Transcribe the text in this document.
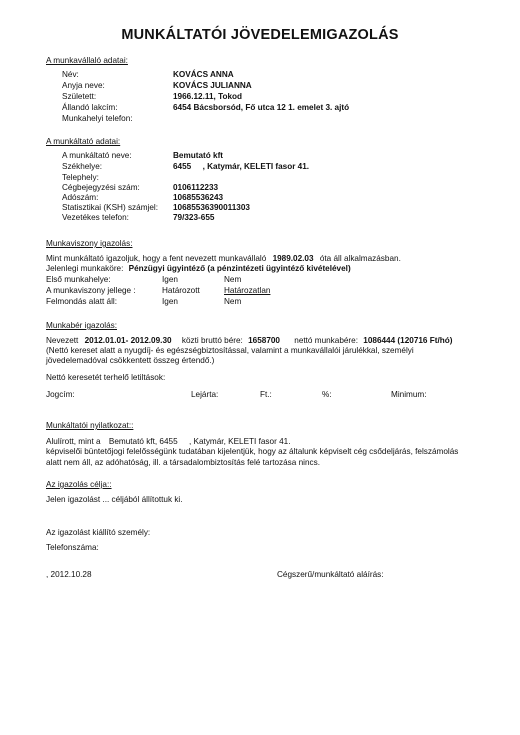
MUNKÁLTATÓI JÖVEDELEMIGAZOLÁS
A munkavállaló adatai:
Név:	KOVÁCS ANNA
Anyja neve:	KOVÁCS JULIANNA
Született:	1966.12.11, Tokod
Állandó lakcím:	6454 Bácsborsód, Fő utca 12 1. emelet 3. ajtó
Munkahelyi telefon:
A munkáltató adatai:
A munkáltató neve:	Bemutató kft
Székhelye:	6455     , Katymár, KELETI fasor 41.
Telephely:
Cégbejegyzési szám:	0106112233
Adószám:	10685536243
Statisztikai (KSH) számjel: 10685536390011303
Vezetékes telefon:	79/323-655
Munkaviszony igazolás:
Mint munkáltató igazoljuk, hogy a fent nevezett munkavállaló 1989.02.03 óta áll alkalmazásban.
Jelenlegi munkaköre: Pénzügyi ügyintéző (a pénzintézeti ügyintéző kivételével)
Első munkahelye:	Igen	Nem
A munkaviszony jellege :	Határozott	Határozatlan
Felmondás alatt áll:	Igen	Nem
Munkabér igazolás:
Nevezett 2012.01.01- 2012.09.30 közti bruttó bére: 1658700 nettó munkabére: 1086444 (120716 Ft/hó)
(Nettó kereset alatt a nyugdíj- és egészségbiztosítással, valamint a munkavállalói járulékkal, személyi
jövedelemadóval csökkentett összeg értendő.)
Nettó keresetét terhelő letiltások:
Jogcím:	Lejárta:	Ft.:	%:	Minimum:
Munkáltatói nyilatkozat::
Alulírott, mint a Bemutató kft, 6455     , Katymár, KELETI fasor 41.
képviselői büntetőjogi felelősségünk tudatában kijelentjük, hogy az általunk képviselt cég csődeljárás, felszámolás
alatt nem áll, az adóhatóság, ill. a társadalombiztosítás felé tartozása nincs.
Az igazolás célja::
Jelen igazolást ... céljából állítottuk ki.
Az igazolást kiállító személy:
Telefonszáma:
, 2012.10.28	Cégszerű/munkáltató aláírás:
